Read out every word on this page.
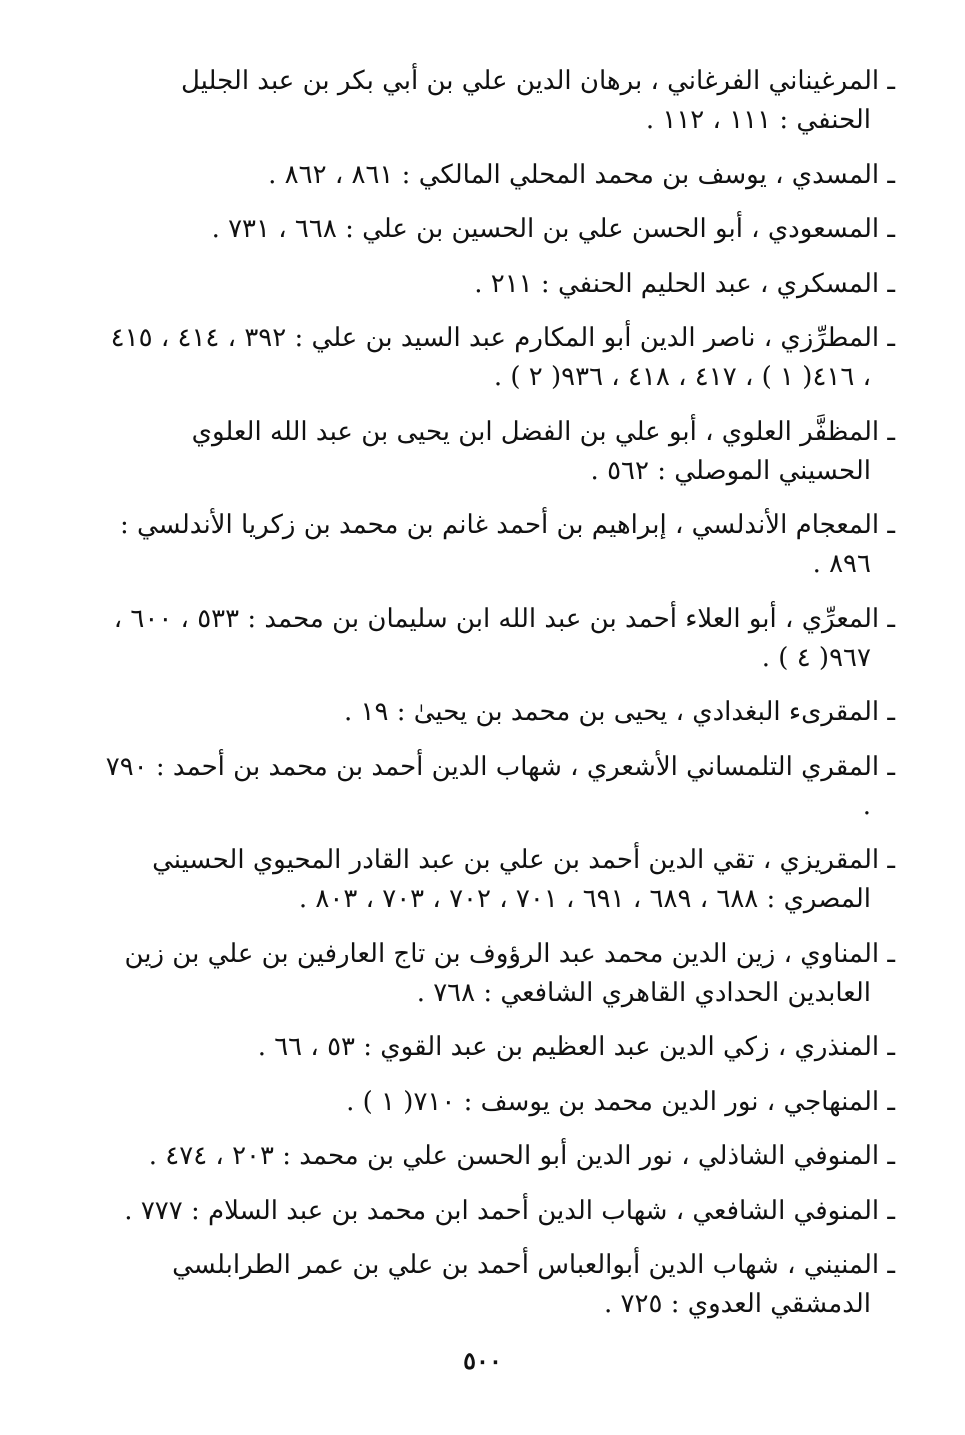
ـ المرغيناني الفرغاني ، برهان الدين علي بن أبي بكر بن عبد الجليل الحنفي : ١١١ ، ١١٢ .
ـ المسدي ، يوسف بن محمد المحلي المالكي : ٨٦١ ، ٨٦٢ .
ـ المسعودي ، أبو الحسن علي بن الحسين بن علي : ٦٦٨ ، ٧٣١ .
ـ المسكري ، عبد الحليم الحنفي : ٢١١ .
ـ المطرِّزي ، ناصر الدين أبو المكارم عبد السيد بن علي : ٣٩٢ ، ٤١٤ ، ٤١٥ ، ٤١٦( ١ ) ، ٤١٧ ، ٤١٨ ، ٩٣٦( ٢ ) .
ـ المظفَّر العلوي ، أبو علي بن الفضل ابن يحيى بن عبد الله العلوي الحسيني الموصلي : ٥٦٢ .
ـ المعجام الأندلسي ، إبراهيم بن أحمد غانم بن محمد بن زكريا الأندلسي : ٨٩٦ .
ـ المعرِّي ، أبو العلاء أحمد بن عبد الله ابن سليمان بن محمد : ٥٣٣ ، ٦٠٠ ، ٩٦٧( ٤ ) .
ـ المقرىء البغدادي ، يحيى بن محمد بن يحيىٰ : ١٩ .
ـ المقري التلمساني الأشعري ، شهاب الدين أحمد بن محمد بن أحمد : ٧٩٠ .
ـ المقريزي ، تقي الدين أحمد بن علي بن عبد القادر المحيوي الحسيني المصري : ٦٨٨ ، ٦٨٩ ، ٦٩١ ، ٧٠١ ، ٧٠٢ ، ٧٠٣ ، ٨٠٣ .
ـ المناوي ، زين الدين محمد عبد الرؤوف بن تاج العارفين بن علي بن زين العابدين الحدادي القاهري الشافعي : ٧٦٨ .
ـ المنذري ، زكي الدين عبد العظيم بن عبد القوي : ٥٣ ، ٦٦ .
ـ المنهاجي ، نور الدين محمد بن يوسف : ٧١٠( ١ ) .
ـ المنوفي الشاذلي ، نور الدين أبو الحسن علي بن محمد : ٢٠٣ ، ٤٧٤ .
ـ المنوفي الشافعي ، شهاب الدين أحمد ابن محمد بن عبد السلام : ٧٧٧ .
ـ المنيني ، شهاب الدين أبوالعباس أحمد بن علي بن عمر الطرابلسي الدمشقي العدوي : ٧٢٥ .
٥٠٠
